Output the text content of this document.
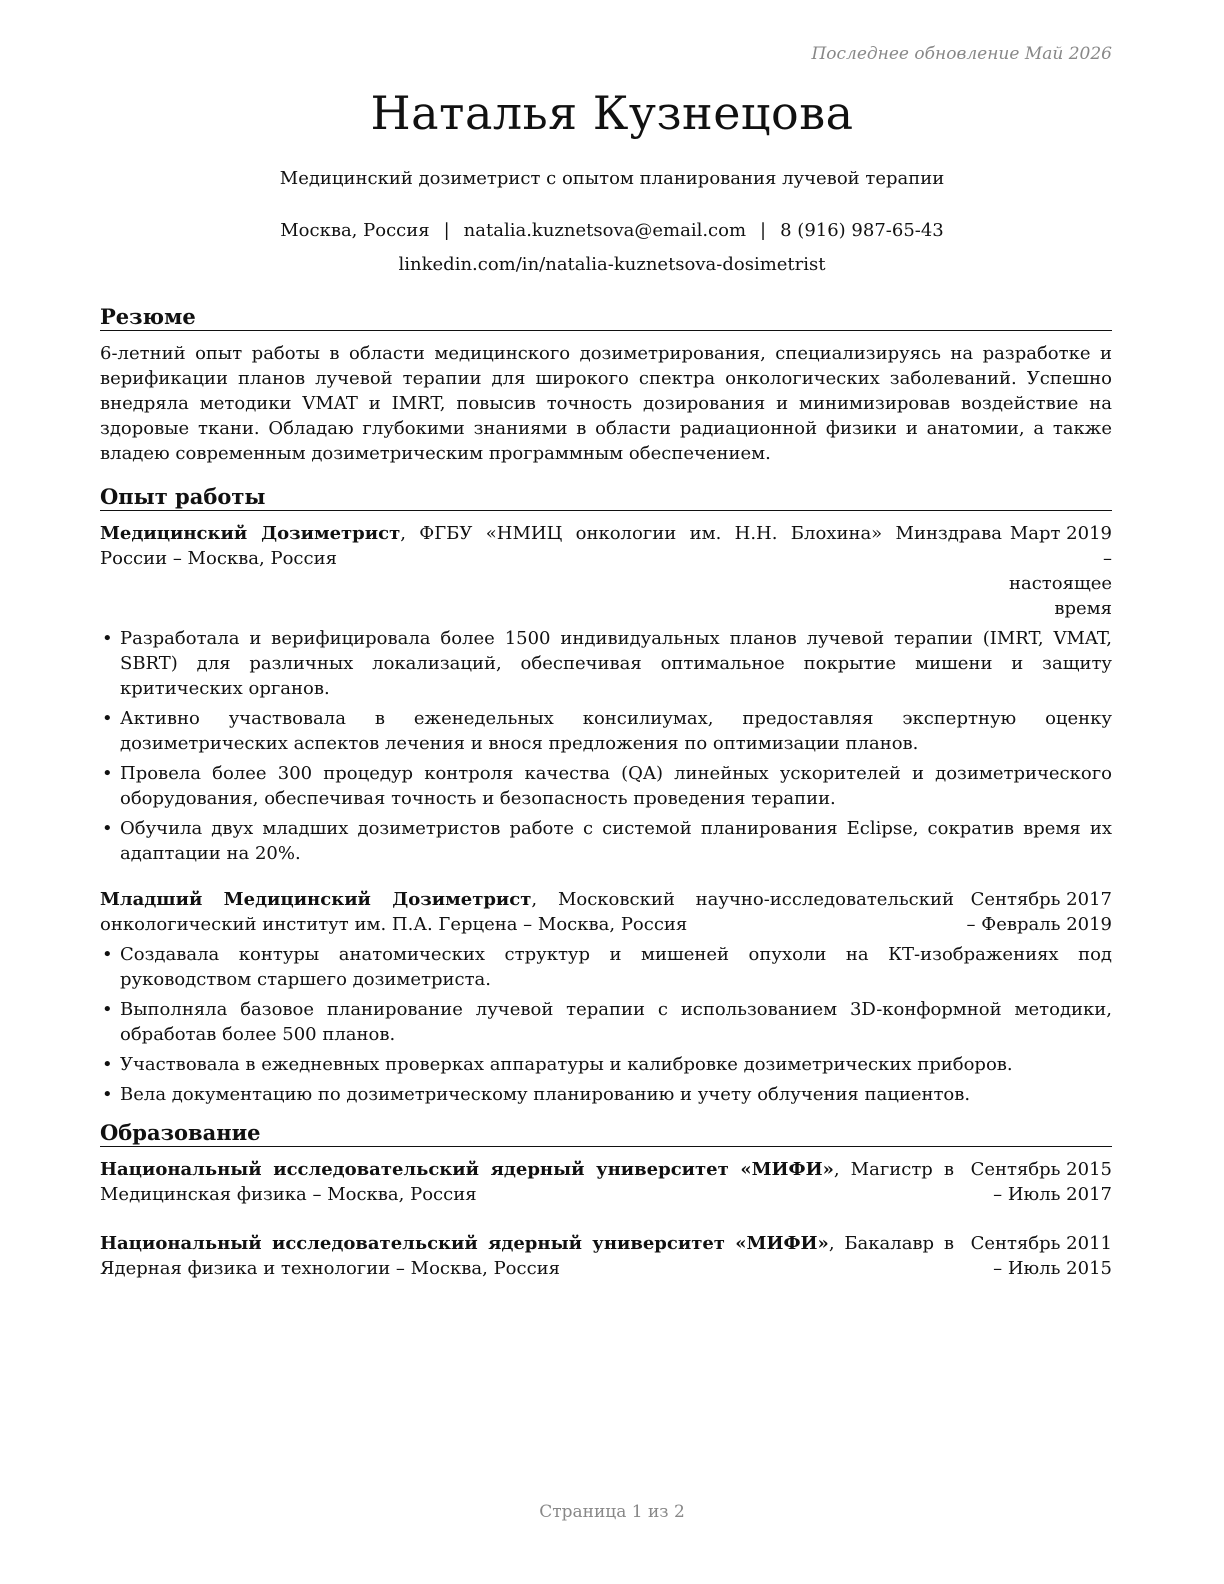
Последнее обновление Май 2026
Наталья Кузнецова
Медицинский дозиметрист с опытом планирования лучевой терапии
Москва, Россия | natalia.kuznetsova@email.com | 8 (916) 987-65-43
linkedin.com/in/natalia-kuznetsova-dosimetrist
Резюме

6-летний опыт работы в области медицинского дозиметрирования, специализируясь на разработке и верификации планов лучевой терапии для широкого спектра онкологических заболеваний. Успешно внедряла методики VMAT и IMRT, повысив точность дозирования и минимизировав воздействие на здоровые ткани. Обладаю глубокими знаниями в области радиационной физики и анатомии, а также владею современным дозиметрическим программным обеспечением.

Опыт работы
Медицинский Дозиметрист, ФГБУ «НМИЦ онкологии им. Н.Н. Блохина» Минздрава России – Москва, Россия
Март 2019 – настоящее время
• Разработала и верифицировала более 1500 индивидуальных планов лучевой терапии (IMRT, VMAT, SBRT) для различных локализаций, обеспечивая оптимальное покрытие мишени и защиту критических органов.
• Активно участвовала в еженедельных консилиумах, предоставляя экспертную оценку дозиметрических аспектов лечения и внося предложения по оптимизации планов.
• Провела более 300 процедур контроля качества (QA) линейных ускорителей и дозиметрического оборудования, обеспечивая точность и безопасность проведения терапии.
• Обучила двух младших дозиметристов работе с системой планирования Eclipse, сократив время их адаптации на 20%.
Младший Медицинский Дозиметрист, Московский научно-исследовательский онкологический институт им. П.А. Герцена – Москва, Россия
Сентябрь 2017 – Февраль 2019
• Создавала контуры анатомических структур и мишеней опухоли на КТ-изображениях под руководством старшего дозиметриста.
• Выполняла базовое планирование лучевой терапии с использованием 3D-конформной методики, обработав более 500 планов.
• Участвовала в ежедневных проверках аппаратуры и калибровке дозиметрических приборов.
• Вела документацию по дозиметрическому планированию и учету облучения пациентов.
Образование
Национальный исследовательский ядерный университет «МИФИ», Магистр в Медицинская физика – Москва, Россия
Сентябрь 2015 – Июль 2017
Национальный исследовательский ядерный университет «МИФИ», Бакалавр в Ядерная физика и технологии – Москва, Россия
Сентябрь 2011 – Июль 2015
Страница 1 из 2
